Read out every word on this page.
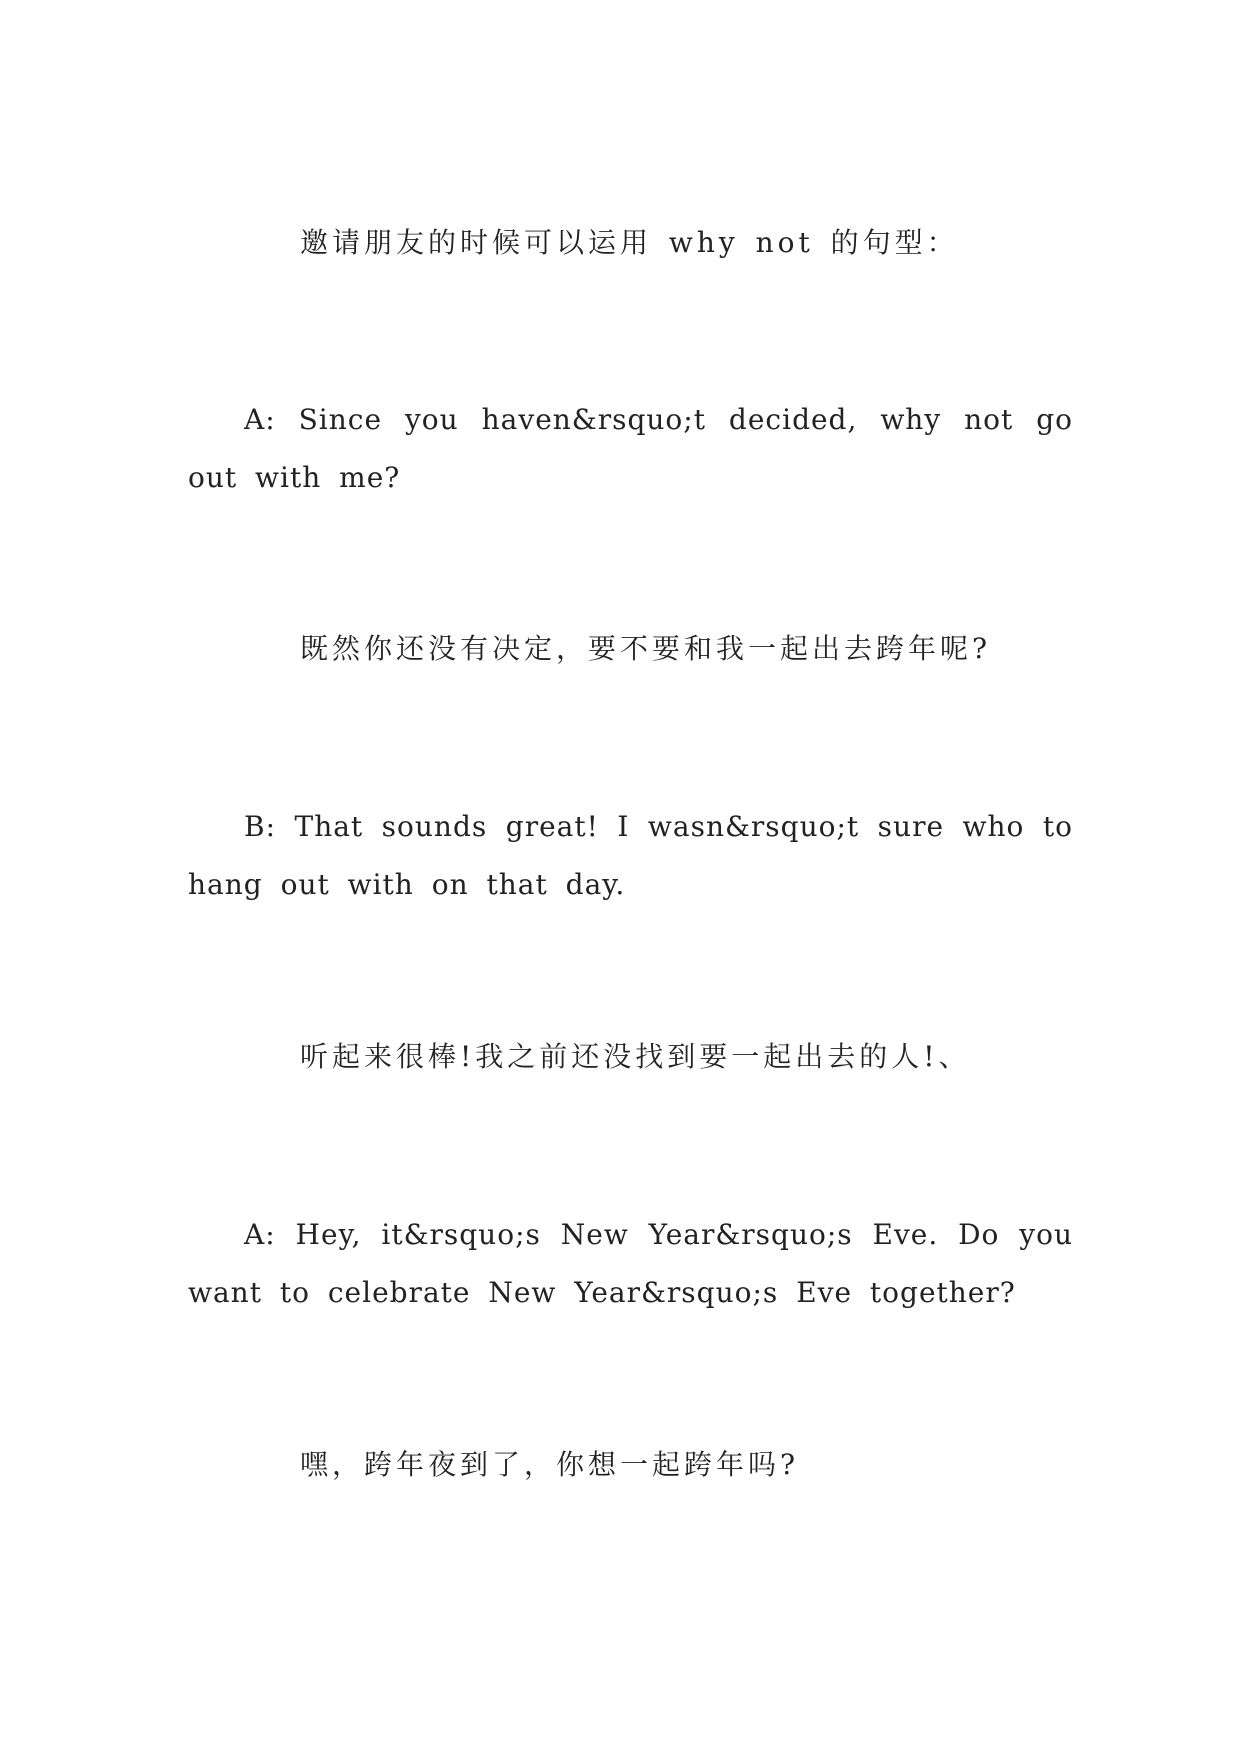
邀请朋友的时候可以运用 why not 的句型：

A: Since you haven&rsquo;t decided, why not go out with me?

既然你还没有决定，要不要和我一起出去跨年呢?

B: That sounds great! I wasn&rsquo;t sure who to hang out with on that day.

听起来很棒!我之前还没找到要一起出去的人!、

A: Hey, it&rsquo;s New Year&rsquo;s Eve. Do you want to celebrate New Year&rsquo;s Eve together?

嘿，跨年夜到了，你想一起跨年吗?
